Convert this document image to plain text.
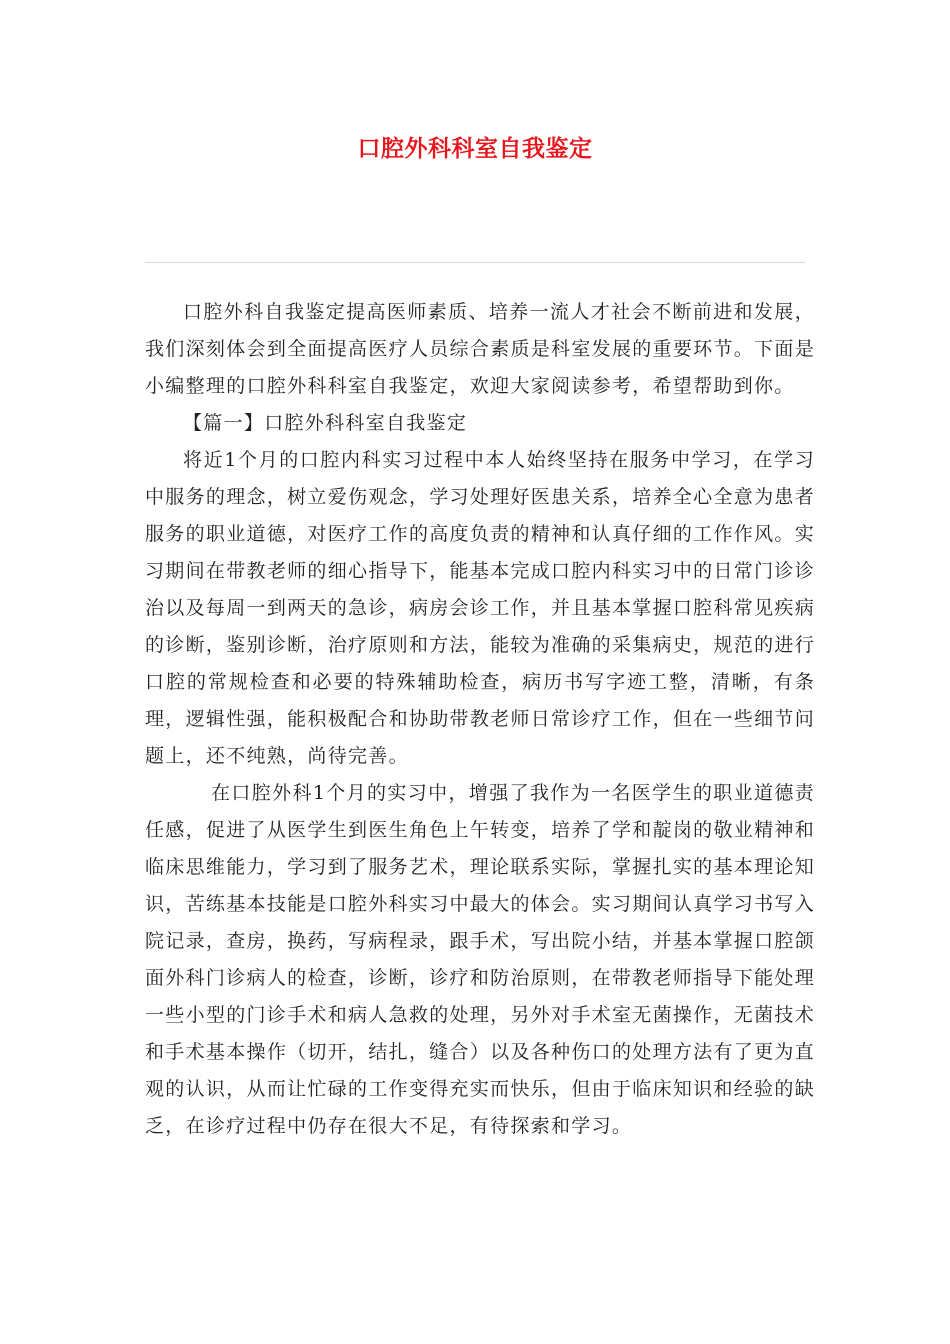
口腔外科科室自我鉴定

口腔外科自我鉴定提高医师素质、培养一流人才社会不断前进和发展，我们深刻体会到全面提高医疗人员综合素质是科室发展的重要环节。下面是小编整理的口腔外科科室自我鉴定，欢迎大家阅读参考，希望帮助到你。

【篇一】口腔外科科室自我鉴定

将近1个月的口腔内科实习过程中本人始终坚持在服务中学习，在学习中服务的理念，树立爱伤观念，学习处理好医患关系，培养全心全意为患者服务的职业道德，对医疗工作的高度负责的精神和认真仔细的工作作风。实习期间在带教老师的细心指导下，能基本完成口腔内科实习中的日常门诊诊治以及每周一到两天的急诊，病房会诊工作，并且基本掌握口腔科常见疾病的诊断，鉴别诊断，治疗原则和方法，能较为准确的采集病史，规范的进行口腔的常规检查和必要的特殊辅助检查，病历书写字迹工整，清晰，有条理，逻辑性强，能积极配合和协助带教老师日常诊疗工作，但在一些细节问题上，还不纯熟，尚待完善。

在口腔外科1个月的实习中，增强了我作为一名医学生的职业道德责任感，促进了从医学生到医生角色上午转变，培养了学和靛岗的敬业精神和临床思维能力，学习到了服务艺术，理论联系实际，掌握扎实的基本理论知识，苦练基本技能是口腔外科实习中最大的体会。实习期间认真学习书写入院记录，查房，换药，写病程录，跟手术，写出院小结，并基本掌握口腔颌面外科门诊病人的检查，诊断，诊疗和防治原则，在带教老师指导下能处理一些小型的门诊手术和病人急救的处理，另外对手术室无菌操作，无菌技术和手术基本操作（切开，结扎，缝合）以及各种伤口的处理方法有了更为直观的认识，从而让忙碌的工作变得充实而快乐，但由于临床知识和经验的缺乏，在诊疗过程中仍存在很大不足，有待探索和学习。
